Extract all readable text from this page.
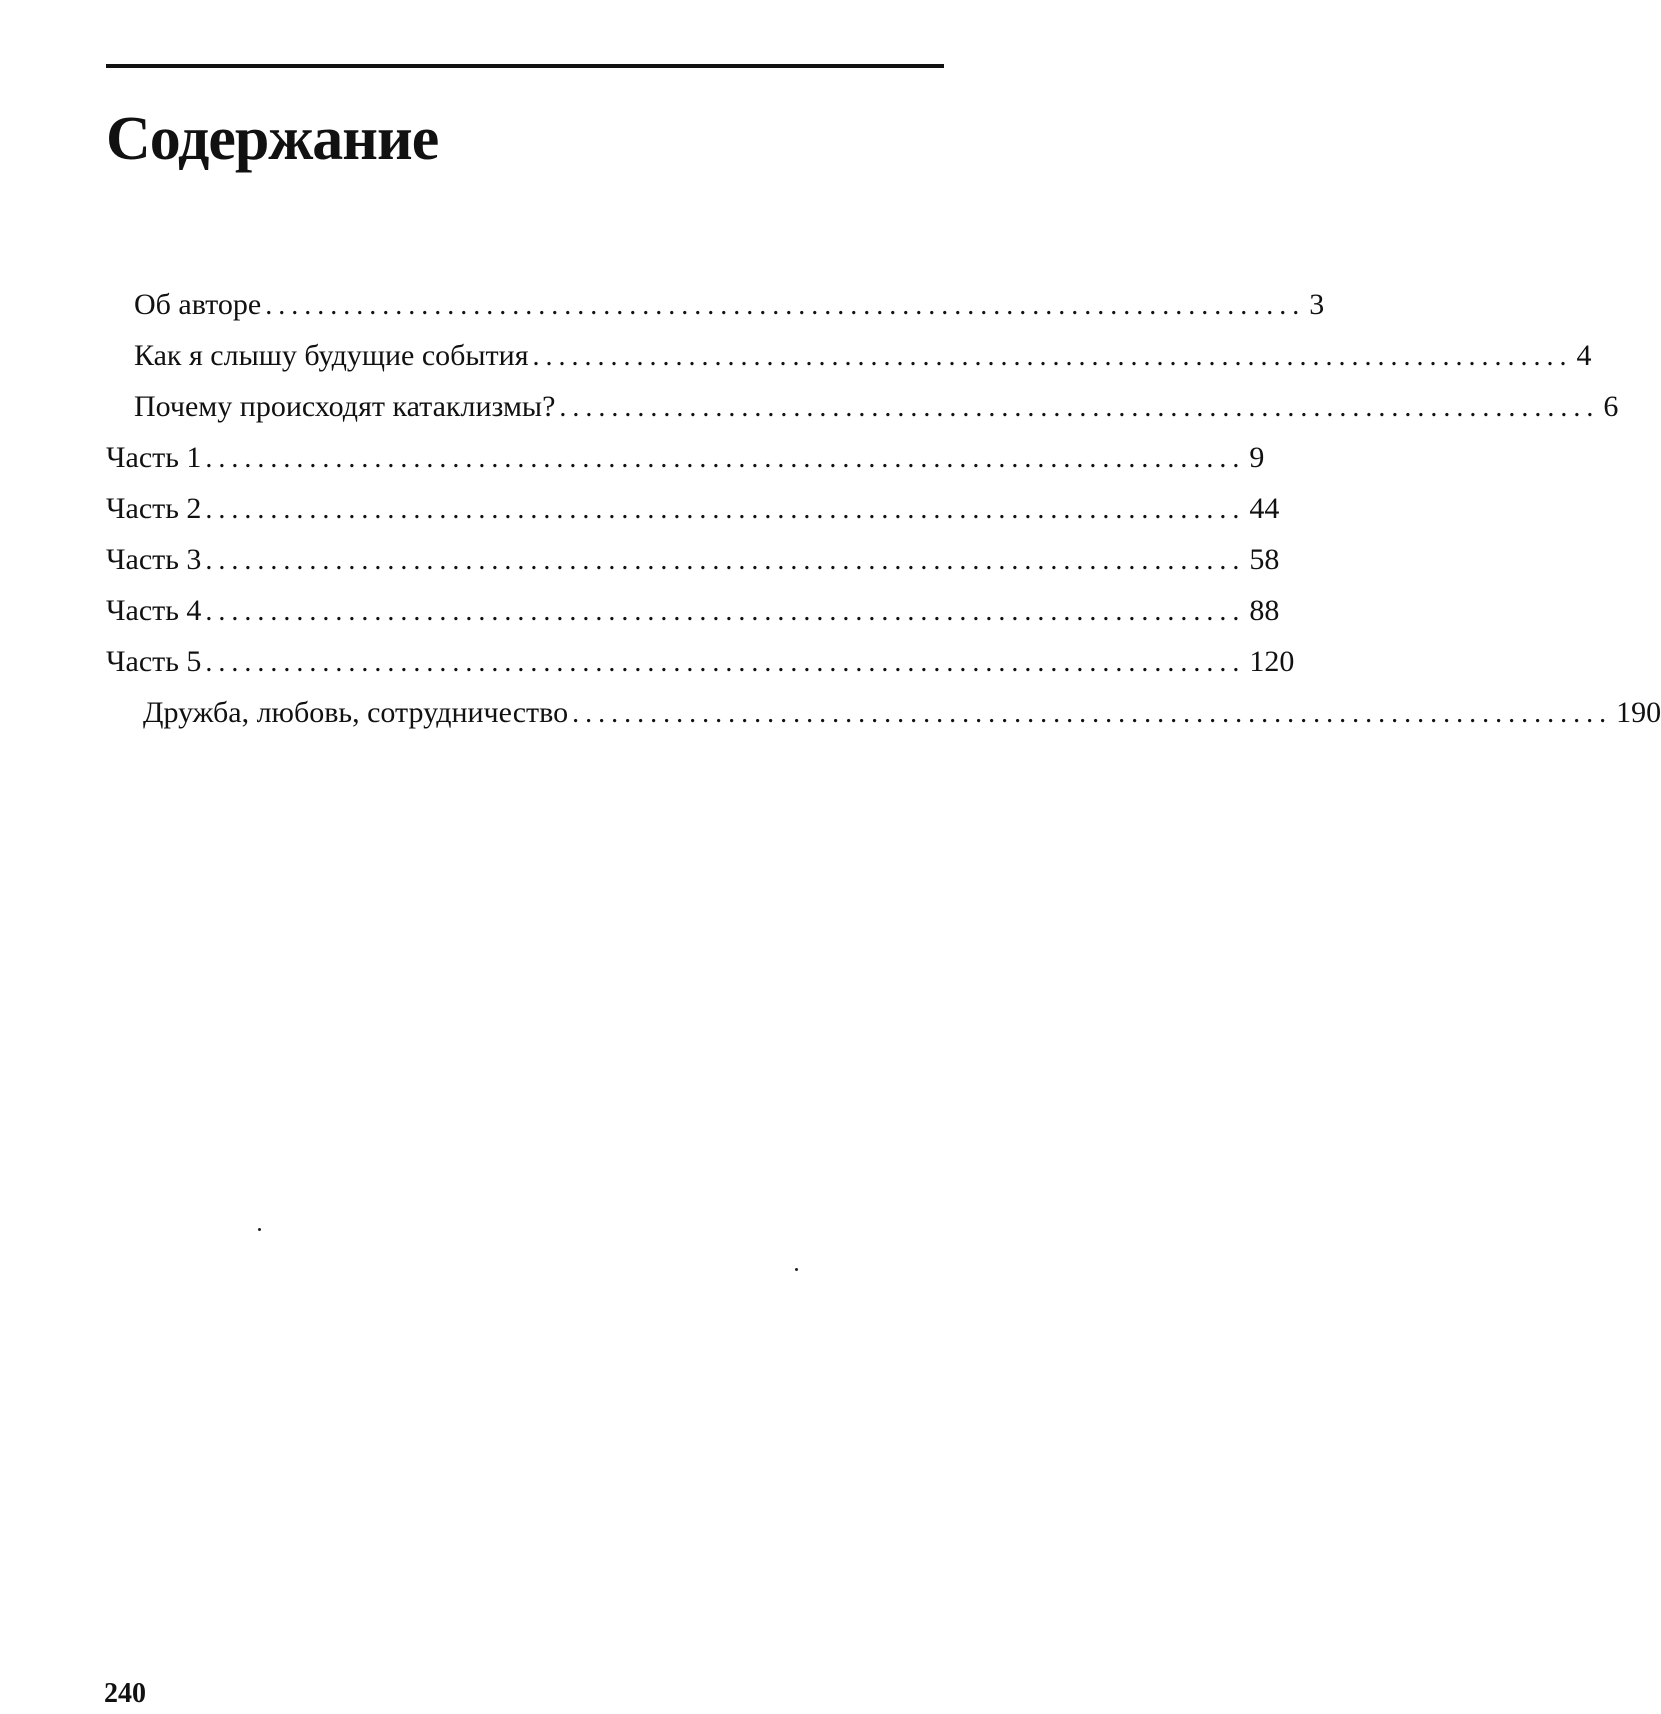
Содержание
Об авторе ................................................................................ 3
Как я слышу будущие события ................................................................................ 4
Почему происходят катаклизмы? ................................................................................ 6
Часть 1 ................................................................................ 9
Часть 2 ................................................................................ 44
Часть 3 ................................................................................ 58
Часть 4 ................................................................................ 88
Часть 5 ................................................................................ 120
Дружба, любовь, сотрудничество ................................................................................ 190
240
